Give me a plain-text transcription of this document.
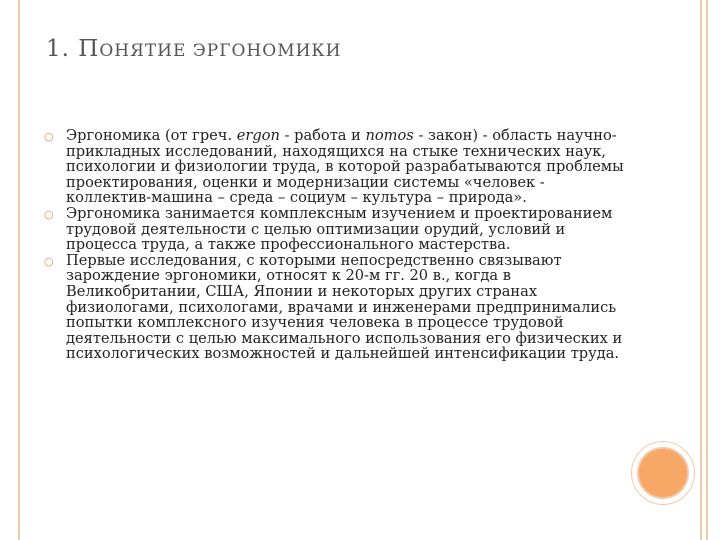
1. ПОНЯТИЕ ЭРГОНОМИКИ

○ Эргономика (от греч. ergon - работа и nomos - закон) - область научно-прикладных исследований, находящихся на стыке технических наук, психологии и физиологии труда, в которой разрабатываются проблемы проектирования, оценки и модернизации системы «человек - коллектив-машина – среда – социум – культура – природа».

○ Эргономика занимается комплексным изучением и проектированием трудовой деятельности с целью оптимизации орудий, условий и процесса труда, а также профессионального мастерства.

○ Первые исследования, с которыми непосредственно связывают зарождение эргономики, относят к 20-м гг. 20 в., когда в Великобритании, США, Японии и некоторых других странах физиологами, психологами, врачами и инженерами предпринимались попытки комплексного изучения человека в процессе трудовой деятельности с целью максимального использования его физических и психологических возможностей и дальнейшей интенсификации труда.
